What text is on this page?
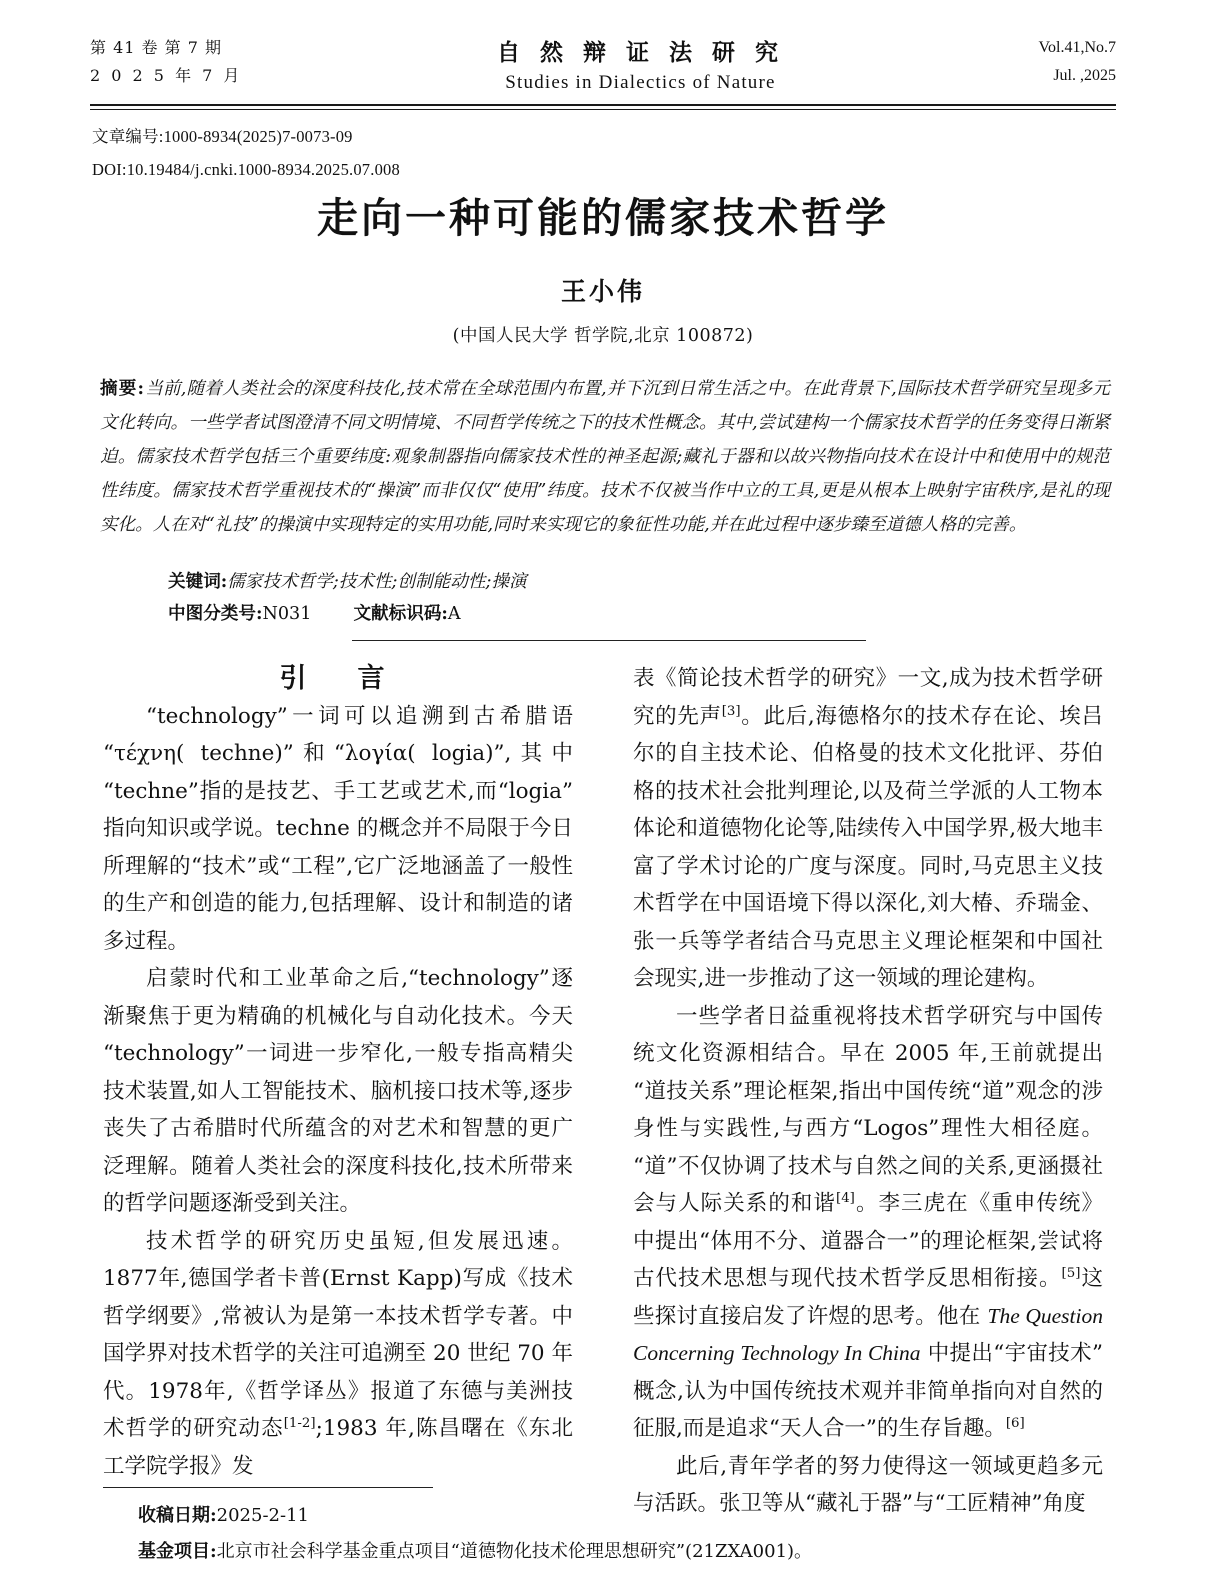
第 41 卷 第 7 期
2 0 2 5 年 7 月
自 然 辩 证 法 研 究
Studies in Dialectics of Nature
Vol.41,No.7
Jul. ,2025
文章编号:1000-8934(2025)7-0073-09
DOI:10.19484/j.cnki.1000-8934.2025.07.008
走向一种可能的儒家技术哲学
王小伟
(中国人民大学 哲学院,北京 100872)
摘要:当前,随着人类社会的深度科技化,技术常在全球范围内布置,并下沉到日常生活之中。在此背景下,国际技术哲学研究呈现多元文化转向。一些学者试图澄清不同文明情境、不同哲学传统之下的技术性概念。其中,尝试建构一个儒家技术哲学的任务变得日渐紧迫。儒家技术哲学包括三个重要纬度:观象制器指向儒家技术性的神圣起源;藏礼于器和以故兴物指向技术在设计中和使用中的规范性纬度。儒家技术哲学重视技术的“操演”而非仅仅“使用”纬度。技术不仅被当作中立的工具,更是从根本上映射宇宙秩序,是礼的现实化。人在对“礼技”的操演中实现特定的实用功能,同时来实现它的象征性功能,并在此过程中逐步臻至道德人格的完善。
关键词:儒家技术哲学;技术性;创制能动性;操演
中图分类号:N031 文献标识码:A

引　言

“technology”一词可以追溯到古希腊语“τέχνη( techne)”和“λογία( logia)”,其中“techne”指的是技艺、手工艺或艺术,而“logia”指向知识或学说。techne 的概念并不局限于今日所理解的“技术”或“工程”,它广泛地涵盖了一般性的生产和创造的能力,包括理解、设计和制造的诸多过程。

启蒙时代和工业革命之后,“technology”逐渐聚焦于更为精确的机械化与自动化技术。今天“technology”一词进一步窄化,一般专指高精尖技术装置,如人工智能技术、脑机接口技术等,逐步丧失了古希腊时代所蕴含的对艺术和智慧的更广泛理解。随着人类社会的深度科技化,技术所带来的哲学问题逐渐受到关注。

技术哲学的研究历史虽短,但发展迅速。1877年,德国学者卡普(Ernst Kapp)写成《技术哲学纲要》,常被认为是第一本技术哲学专著。中国学界对技术哲学的关注可追溯至 20 世纪 70 年代。1978年,《哲学译丛》报道了东德与美洲技术哲学的研究动态[1-2];1983 年,陈昌曙在《东北工学院学报》发

表《简论技术哲学的研究》一文,成为技术哲学研究的先声[3]。此后,海德格尔的技术存在论、埃吕尔的自主技术论、伯格曼的技术文化批评、芬伯格的技术社会批判理论,以及荷兰学派的人工物本体论和道德物化论等,陆续传入中国学界,极大地丰富了学术讨论的广度与深度。同时,马克思主义技术哲学在中国语境下得以深化,刘大椿、乔瑞金、张一兵等学者结合马克思主义理论框架和中国社会现实,进一步推动了这一领域的理论建构。

一些学者日益重视将技术哲学研究与中国传统文化资源相结合。早在 2005 年,王前就提出“道技关系”理论框架,指出中国传统“道”观念的涉身性与实践性,与西方“Logos”理性大相径庭。“道”不仅协调了技术与自然之间的关系,更涵摄社会与人际关系的和谐[4]。李三虎在《重申传统》中提出“体用不分、道器合一”的理论框架,尝试将古代技术思想与现代技术哲学反思相衔接。[5]这些探讨直接启发了许煜的思考。他在 The Question Concerning Technology In China 中提出“宇宙技术”概念,认为中国传统技术观并非简单指向对自然的征服,而是追求“天人合一”的生存旨趣。[6]

此后,青年学者的努力使得这一领域更趋多元与活跃。张卫等从“藏礼于器”与“工匠精神”角度

收稿日期:2025-2-11
基金项目:北京市社会科学基金重点项目“道德物化技术伦理思想研究”(21ZXA001)。
